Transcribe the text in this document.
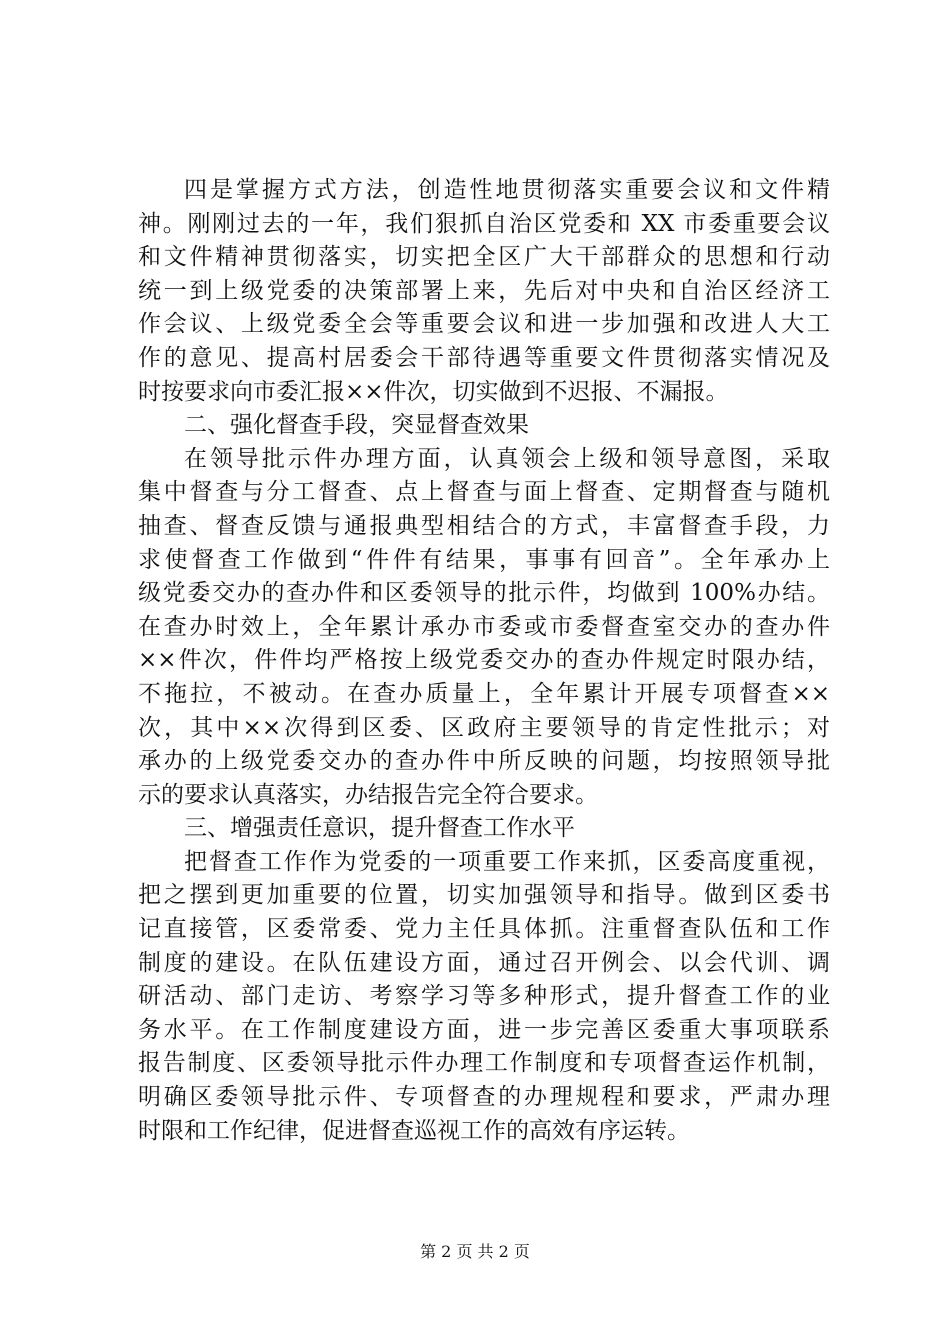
四是掌握方式方法，创造性地贯彻落实重要会议和文件精
神。刚刚过去的一年，我们狠抓自治区党委和 XX 市委重要会议
和文件精神贯彻落实，切实把全区广大干部群众的思想和行动
统一到上级党委的决策部署上来，先后对中央和自治区经济工
作会议、上级党委全会等重要会议和进一步加强和改进人大工
作的意见、提高村居委会干部待遇等重要文件贯彻落实情况及
时按要求向市委汇报××件次，切实做到不迟报、不漏报。
二、强化督查手段，突显督查效果
在领导批示件办理方面，认真领会上级和领导意图，采取
集中督查与分工督查、点上督查与面上督查、定期督查与随机
抽查、督查反馈与通报典型相结合的方式，丰富督查手段，力
求使督查工作做到“件件有结果，事事有回音”。全年承办上
级党委交办的查办件和区委领导的批示件，均做到 100%办结。
在查办时效上，全年累计承办市委或市委督查室交办的查办件
××件次，件件均严格按上级党委交办的查办件规定时限办结，
不拖拉，不被动。在查办质量上，全年累计开展专项督查××
次，其中××次得到区委、区政府主要领导的肯定性批示；对
承办的上级党委交办的查办件中所反映的问题，均按照领导批
示的要求认真落实，办结报告完全符合要求。
三、增强责任意识，提升督查工作水平
把督查工作作为党委的一项重要工作来抓，区委高度重视，
把之摆到更加重要的位置，切实加强领导和指导。做到区委书
记直接管，区委常委、党力主任具体抓。注重督查队伍和工作
制度的建设。在队伍建设方面，通过召开例会、以会代训、调
研活动、部门走访、考察学习等多种形式，提升督查工作的业
务水平。在工作制度建设方面，进一步完善区委重大事项联系
报告制度、区委领导批示件办理工作制度和专项督查运作机制，
明确区委领导批示件、专项督查的办理规程和要求，严肃办理
时限和工作纪律，促进督查巡视工作的高效有序运转。
第 2 页 共 2 页
